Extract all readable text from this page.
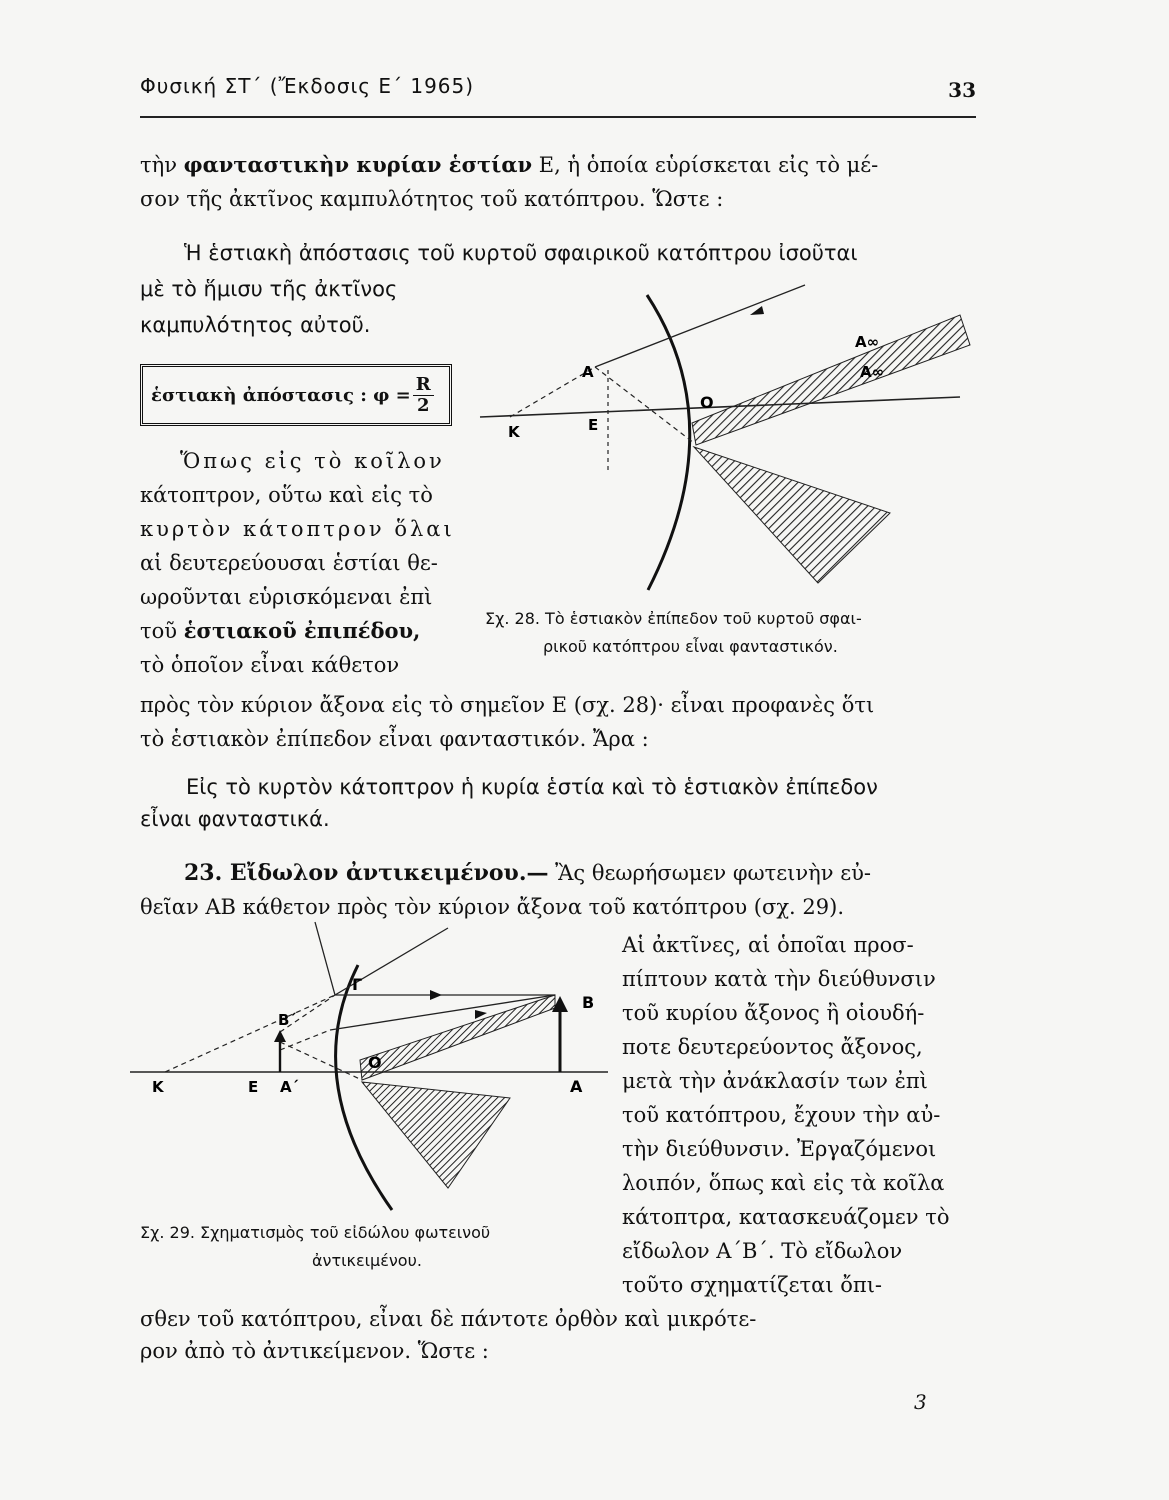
Φυσική ΣΤ΄ (Ἔκδοσις Ε΄ 1965)	33
τὴν φανταστικὴν κυρίαν ἑστίαν Ε, ἡ ὁποία εὑρίσκεται εἰς τὸ μέ-
σον τῆς ἀκτῖνος καμπυλότητος τοῦ κατόπτρου. Ὥστε :
Ἡ ἑστιακὴ ἀπόστασις τοῦ κυρτοῦ σφαιρικοῦ κατόπτρου ἰσοῦται
μὲ τὸ ἥμισυ τῆς ἀκτῖνος
καμπυλότητος αὐτοῦ.
ἑστιακὴ ἀπόστασις : $\varphi = \frac{R}{2}$
A∞
A∞
A
E
K
O
Ὅπως εἰς τὸ κοῖλον
κάτοπτρον, οὕτω καὶ εἰς τὸ
κυρτὸν κάτοπτρον ὅλαι
αἱ δευτερεύουσαι ἑστίαι θε-
ωροῦνται εὑρισκόμεναι ἐπὶ
τοῦ ἑστιακοῦ ἐπιπέδου,
τὸ ὁποῖον εἶναι κάθετον
Σχ. 28. Τὸ ἑστιακὸν ἐπίπεδον τοῦ κυρτοῦ σφαι-
ρικοῦ κατόπτρου εἶναι φανταστικόν.
πρὸς τὸν κύριον ἄξονα εἰς τὸ σημεῖον Ε (σχ. 28)· εἶναι προφανὲς ὅτι
τὸ ἑστιακὸν ἐπίπεδον εἶναι φανταστικόν. Ἄρα :
Εἰς τὸ κυρτὸν κάτοπτρον ἡ κυρία ἑστία καὶ τὸ ἑστιακὸν ἐπίπεδον
εἶναι φανταστικά.
23. Εἴδωλον ἀντικειμένου.— Ἂς θεωρήσωμεν φωτεινὴν εὐ-
θεῖαν ΑΒ κάθετον πρὸς τὸν κύριον ἄξονα τοῦ κατόπτρου (σχ. 29).
Γ
B
B΄
O
K	E A΄	A
Αἱ ἀκτῖνες, αἱ ὁποῖαι προσ-
πίπτουν κατὰ τὴν διεύθυνσιν
τοῦ κυρίου ἄξονος ἢ οἱουδή-
ποτε δευτερεύοντος ἄξονος,
μετὰ τὴν ἀνάκλασίν των ἐπὶ
τοῦ κατόπτρου, ἔχουν τὴν αὐ-
τὴν διεύθυνσιν. Ἐργαζόμενοι
λοιπόν, ὅπως καὶ εἰς τὰ κοῖλα
κάτοπτρα, κατασκευάζομεν τὸ
εἴδωλον Α΄Β΄. Τὸ εἴδωλον
τοῦτο σχηματίζεται ὄπι-
Σχ. 29. Σχηματισμὸς τοῦ εἰδώλου φωτεινοῦ
ἀντικειμένου.
σθεν τοῦ κατόπτρου, εἶναι δὲ πάντοτε ὀρθὸν καὶ μικρότε-
ρον ἀπὸ τὸ ἀντικείμενον. Ὥστε :
3
